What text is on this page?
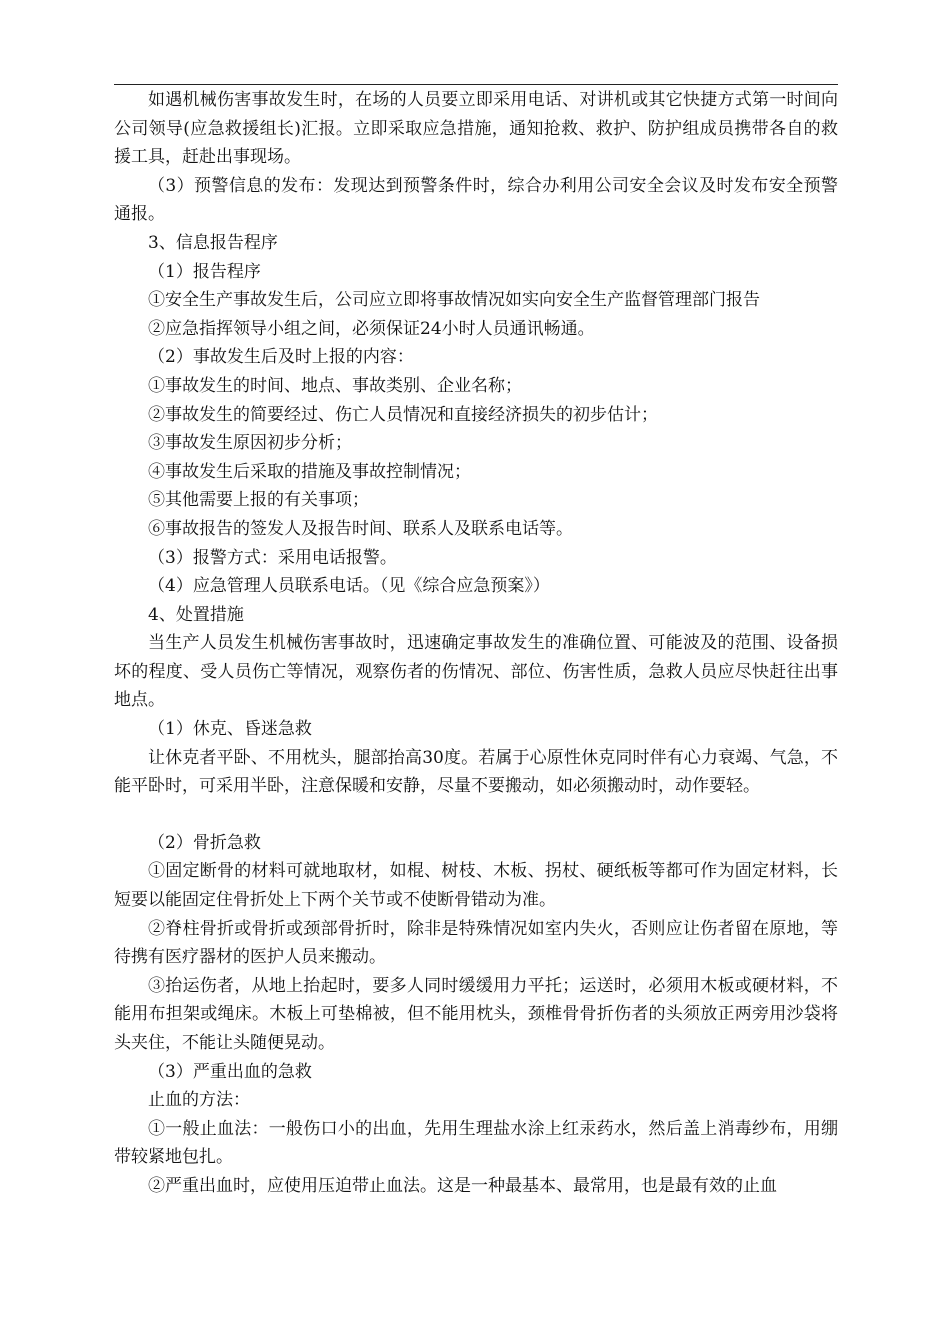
如遇机械伤害事故发生时，在场的人员要立即采用电话、对讲机或其它快捷方式第一时间向公司领导(应急救援组长)汇报。立即采取应急措施，通知抢救、救护、防护组成员携带各自的救援工具，赶赴出事现场。

（3）预警信息的发布：发现达到预警条件时，综合办利用公司安全会议及时发布安全预警通报。

3、信息报告程序

（1）报告程序

①安全生产事故发生后，公司应立即将事故情况如实向安全生产监督管理部门报告

②应急指挥领导小组之间，必须保证24小时人员通讯畅通。

（2）事故发生后及时上报的内容：

①事故发生的时间、地点、事故类别、企业名称；

②事故发生的简要经过、伤亡人员情况和直接经济损失的初步估计；

③事故发生原因初步分析；

④事故发生后采取的措施及事故控制情况；

⑤其他需要上报的有关事项；

⑥事故报告的签发人及报告时间、联系人及联系电话等。

（3）报警方式：采用电话报警。

（4）应急管理人员联系电话。（见《综合应急预案》）

4、处置措施

当生产人员发生机械伤害事故时，迅速确定事故发生的准确位置、可能波及的范围、设备损坏的程度、受人员伤亡等情况，观察伤者的伤情况、部位、伤害性质，急救人员应尽快赶往出事地点。

（1）休克、昏迷急救

让休克者平卧、不用枕头，腿部抬高30度。若属于心原性休克同时伴有心力衰竭、气急，不能平卧时，可采用半卧，注意保暖和安静，尽量不要搬动，如必须搬动时，动作要轻。

（2）骨折急救

①固定断骨的材料可就地取材，如棍、树枝、木板、拐杖、硬纸板等都可作为固定材料，长短要以能固定住骨折处上下两个关节或不使断骨错动为准。

②脊柱骨折或骨折或颈部骨折时，除非是特殊情况如室内失火，否则应让伤者留在原地，等待携有医疗器材的医护人员来搬动。

③抬运伤者，从地上抬起时，要多人同时缓缓用力平托；运送时，必须用木板或硬材料，不能用布担架或绳床。木板上可垫棉被，但不能用枕头，颈椎骨骨折伤者的头须放正两旁用沙袋将头夹住，不能让头随便晃动。

（3）严重出血的急救

止血的方法：

①一般止血法：一般伤口小的出血，先用生理盐水涂上红汞药水，然后盖上消毒纱布，用绷带较紧地包扎。

②严重出血时，应使用压迫带止血法。这是一种最基本、最常用，也是最有效的止血
